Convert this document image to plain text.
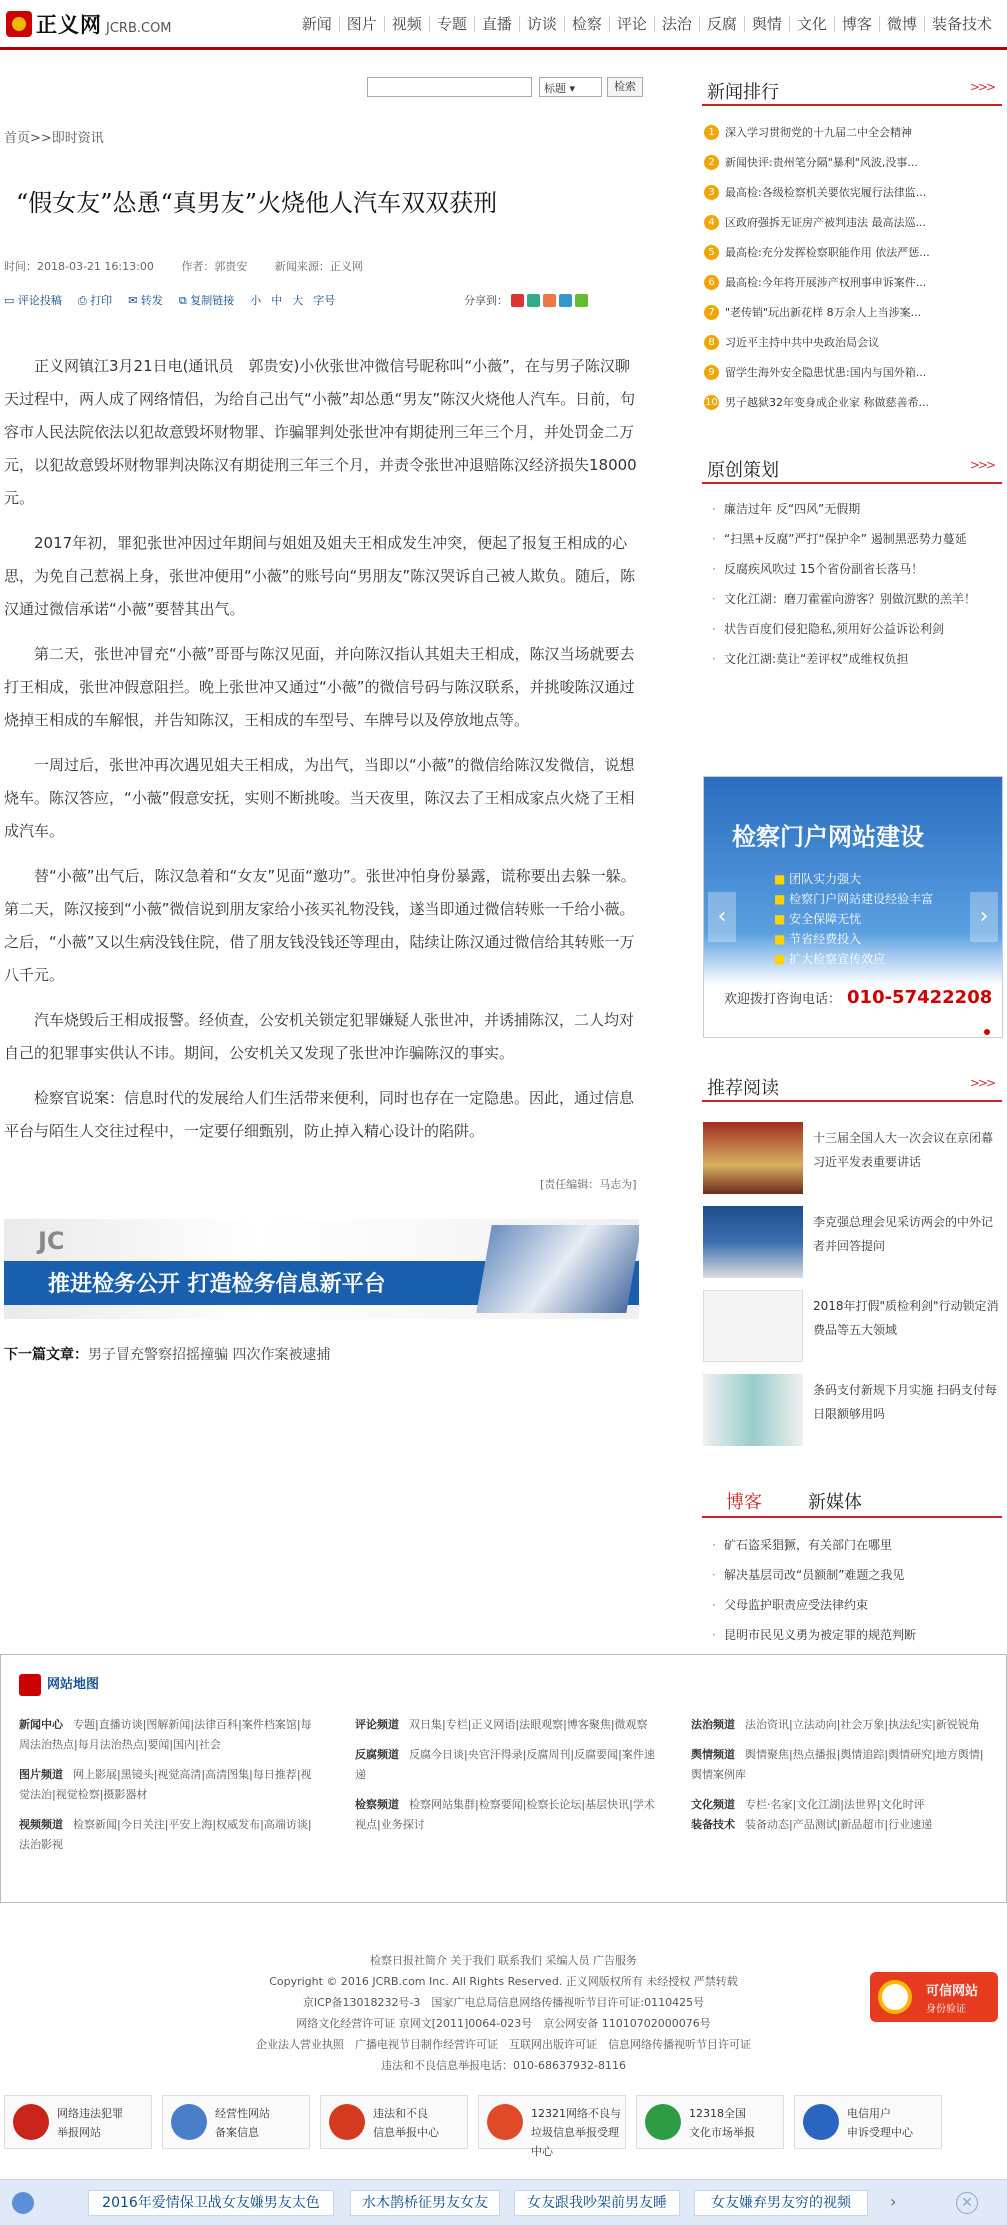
正义网 JCRB.COM	新闻	图片	视频	专题	直播	访谈	检察	评论	法治	反腐	舆情	文化	博客	微博	装备技术
标题 ▾	检索
首页>>即时资讯
“假女友”怂恿“真男友”火烧他人汽车双双获刑
时间：2018-03-21 16:13:00	作者：郭贵安	新闻来源：正义网
▭ 评论投稿 ⎙ 打印 ✉ 转发 ⧉ 复制链接 小 中 大 字号	分享到：

正义网镇江3月21日电(通讯员　郭贵安)小伙张世冲微信号昵称叫“小薇”，在与男子陈汉聊天过程中，两人成了网络情侣，为给自己出气“小薇”却怂恿“男友”陈汉火烧他人汽车。日前，句容市人民法院依法以犯故意毁坏财物罪、诈骗罪判处张世冲有期徒刑三年三个月，并处罚金二万元，以犯故意毁坏财物罪判决陈汉有期徒刑三年三个月，并责令张世冲退赔陈汉经济损失18000元。

2017年初，罪犯张世冲因过年期间与姐姐及姐夫王相成发生冲突，便起了报复王相成的心思，为免自己惹祸上身，张世冲便用“小薇”的账号向“男朋友”陈汉哭诉自己被人欺负。随后，陈汉通过微信承诺“小薇”要替其出气。

第二天，张世冲冒充“小薇”哥哥与陈汉见面，并向陈汉指认其姐夫王相成，陈汉当场就要去打王相成，张世冲假意阻拦。晚上张世冲又通过“小薇”的微信号码与陈汉联系，并挑唆陈汉通过烧掉王相成的车解恨，并告知陈汉，王相成的车型号、车牌号以及停放地点等。

一周过后，张世冲再次遇见姐夫王相成，为出气，当即以“小薇”的微信给陈汉发微信，说想烧车。陈汉答应，“小薇”假意安抚，实则不断挑唆。当天夜里，陈汉去了王相成家点火烧了王相成汽车。

替“小薇”出气后，陈汉急着和“女友”见面“邀功”。张世冲怕身份暴露，谎称要出去躲一躲。第二天，陈汉接到“小薇”微信说到朋友家给小孩买礼物没钱，遂当即通过微信转账一千给小薇。之后，“小薇”又以生病没钱住院，借了朋友钱没钱还等理由，陆续让陈汉通过微信给其转账一万八千元。

汽车烧毁后王相成报警。经侦查，公安机关锁定犯罪嫌疑人张世冲，并诱捕陈汉，二人均对自己的犯罪事实供认不讳。期间，公安机关又发现了张世冲诈骗陈汉的事实。

检察官说案：信息时代的发展给人们生活带来便利，同时也存在一定隐患。因此，通过信息平台与陌生人交往过程中，一定要仔细甄别，防止掉入精心设计的陷阱。

[责任编辑：马志为]
JC
推进检务公开 打造检务信息新平台
下一篇文章：男子冒充警察招摇撞骗 四次作案被逮捕
新闻排行	>>>
1 深入学习贯彻党的十九届二中全会精神
2 新闻快评:贵州笔分隔"暴利"风波,没事...
3 最高检:各级检察机关要依宪履行法律监...
4 区政府强拆无证房产被判违法 最高法巡...
5 最高检:充分发挥检察职能作用 依法严惩...
6 最高检:今年将开展涉产权刑事申诉案件...
7 "老传销"玩出新花样 8万余人上当涉案...
8 习近平主持中共中央政治局会议
9 留学生海外安全隐患忧患:国内与国外箱...
10 男子越狱32年变身成企业家 称做慈善希...
原创策划	>>>
· 廉洁过年 反“四风”无假期
· “扫黑+反腐”严打“保护伞” 遏制黑恶势力蔓延
· 反腐疾风吹过 15个省份副省长落马！
· 文化江湖：磨刀霍霍向游客？别做沉默的羔羊！
· 状告百度们侵犯隐私,须用好公益诉讼利剑
· 文化江湖:莫让“差评权”成维权负担
检察门户网站建设
■ 团队实力强大
■ 检察门户网站建设经验丰富
■ 安全保障无忧
■ 节省经费投入
■ 扩大检察宣传效应
‹	›
欢迎拨打咨询电话： 010-57422208
推荐阅读	>>>
十三届全国人大一次会议在京闭幕 习近平发表重要讲话
李克强总理会见采访两会的中外记者并回答提问
2018年打假"质检利剑"行动锁定消费品等五大领域
条码支付新规下月实施 扫码支付每日限额够用吗
博客	新媒体
· 矿石盗采猖獗，有关部门在哪里
· 解决基层司改“员额制”难题之我见
· 父母监护职责应受法律约束
· 昆明市民见义勇为被定罪的规范判断
网站地图
新闻中心 专题|直播访谈|图解新闻|法律百科|案件档案馆|每周法治热点|每月法治热点|要闻|国内|社会
图片频道 网上影展|黑镜头|视觉高清|高清图集|每日推荐|视觉法治|视觉检察|摄影器材
视频频道 检察新闻|今日关注|平安上海|权威发布|高端访谈|法治影视
评论频道 双日集|专栏|正义网语|法眼观察|博客聚焦|微观察
反腐频道 反腐今日谈|央官汗得录|反腐周刊|反腐要闻|案件速递
检察频道 检察网站集群|检察要闻|检察长论坛|基层快讯|学术视点|业务探讨
法治频道 法治资讯|立法动向|社会万象|执法纪实|新锐锐角
舆情频道 舆情聚焦|热点播报|舆情追踪|舆情研究|地方舆情|舆情案例库
文化频道 专栏·名家|文化江湖|法世界|文化时评
装备技术 装备动态|产品测试|新品超市|行业速递
检察日报社简介 关于我们 联系我们 采编人员 广告服务
Copyright © 2016 JCRB.com Inc. All Rights Reserved. 正义网版权所有 未经授权 严禁转载
京ICP备13018232号-3　国家广电总局信息网络传播视听节目许可证:0110425号
网络文化经营许可证 京网文[2011]0064-023号　京公网安备 11010702000076号
企业法人营业执照　广播电视节目制作经营许可证　互联网出版许可证　信息网络传播视听节目许可证
违法和不良信息举报电话：010-68637932-8116
可信网站
身份验证
网络违法犯罪
举报网站
经营性网站
备案信息
违法和不良
信息举报中心
12321网络不良与
垃圾信息举报受理中心
12318全国
文化市场举报
电信用户
申诉受理中心
2016年爱情保卫战女友嫌男友太色	水木鹊桥征男友女友	女友跟我吵架前男友睡	女友嫌弃男友穷的视频	›	✕
